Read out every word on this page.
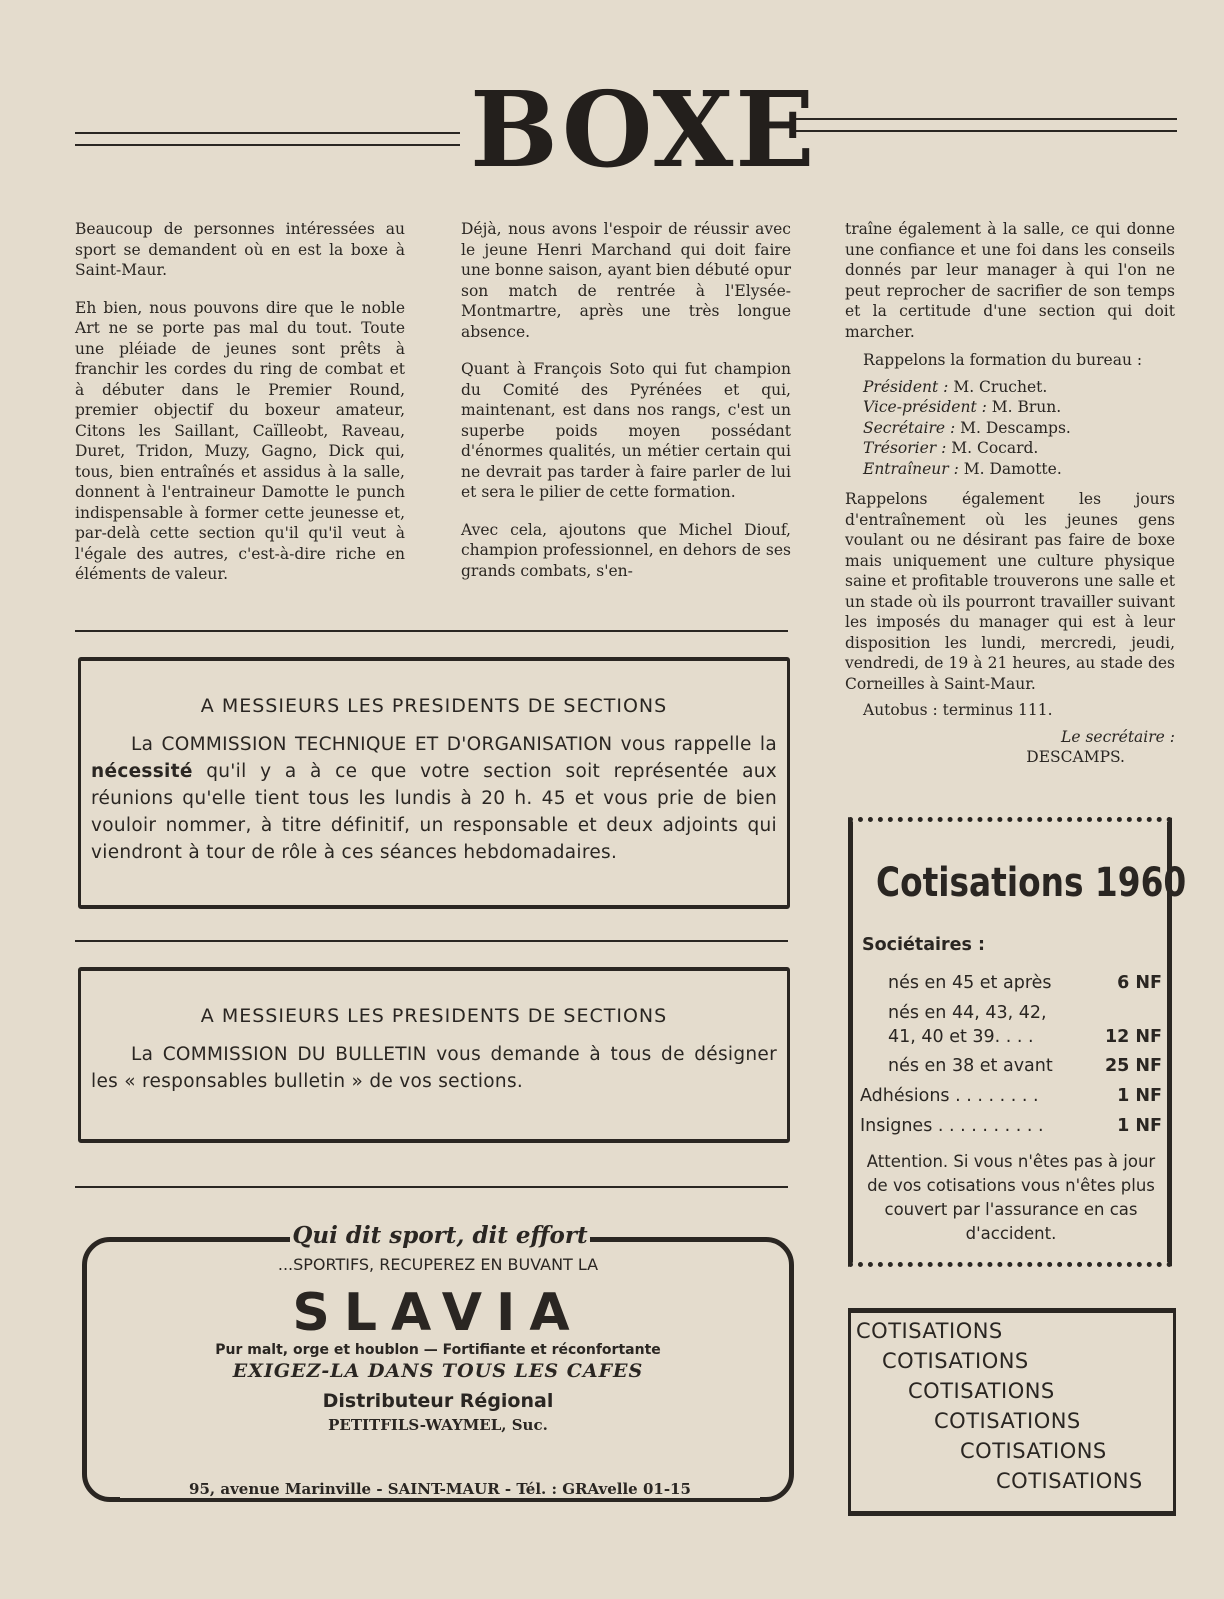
BOXE

Beaucoup de personnes intéressées au sport se demandent où en est la boxe à Saint-Maur.

Eh bien, nous pouvons dire que le noble Art ne se porte pas mal du tout. Toute une pléiade de jeunes sont prêts à franchir les cordes du ring de combat et à débuter dans le Premier Round, premier objectif du boxeur amateur, Citons les Saillant, Caïlleobt, Raveau, Duret, Tridon, Muzy, Gagno, Dick qui, tous, bien entraînés et assidus à la salle, donnent à l'entraineur Damotte le punch indispensable à former cette jeunesse et, par-delà cette section qu'il qu'il veut à l'égale des autres, c'est-à-dire riche en éléments de valeur.

Déjà, nous avons l'espoir de réussir avec le jeune Henri Marchand qui doit faire une bonne saison, ayant bien débuté opur son match de rentrée à l'Elysée-Montmartre, après une très longue absence.

Quant à François Soto qui fut champion du Comité des Pyrénées et qui, maintenant, est dans nos rangs, c'est un superbe poids moyen possédant d'énormes qualités, un métier certain qui ne devrait pas tarder à faire parler de lui et sera le pilier de cette formation.

Avec cela, ajoutons que Michel Diouf, champion professionnel, en dehors de ses grands combats, s'en-

traîne également à la salle, ce qui donne une confiance et une foi dans les conseils donnés par leur manager à qui l'on ne peut reprocher de sacrifier de son temps et la certitude d'une section qui doit marcher.

Rappelons la formation du bureau :

Président : M. Cruchet.
Vice-président : M. Brun.
Secrétaire : M. Descamps.
Trésorier : M. Cocard.
Entraîneur : M. Damotte.

Rappelons également les jours d'entraînement où les jeunes gens voulant ou ne désirant pas faire de boxe mais uniquement une culture physique saine et profitable trouverons une salle et un stade où ils pourront travailler suivant les imposés du manager qui est à leur disposition les lundi, mercredi, jeudi, vendredi, de 19 à 21 heures, au stade des Corneilles à Saint-Maur.

Autobus : terminus 111.

Le secrétaire :
DESCAMPS.
A MESSIEURS LES PRESIDENTS DE SECTIONS
La COMMISSION TECHNIQUE ET D'ORGANISATION vous rappelle la nécessité qu'il y a à ce que votre section soit représentée aux réunions qu'elle tient tous les lundis à 20 h. 45 et vous prie de bien vouloir nommer, à titre définitif, un responsable et deux adjoints qui viendront à tour de rôle à ces séances hebdomadaires.
A MESSIEURS LES PRESIDENTS DE SECTIONS
La COMMISSION DU BULLETIN vous demande à tous de désigner les « responsables bulletin » de vos sections.
Qui dit sport, dit effort
...SPORTIFS, RECUPEREZ EN BUVANT LA
SLAVIA
Pur malt, orge et houblon — Fortifiante et réconfortante
EXIGEZ-LA DANS TOUS LES CAFES
Distributeur Régional
PETITFILS-WAYMEL, Suc.
95, avenue Marinville - SAINT-MAUR - Tél. : GRAvelle 01-15
Cotisations 1960
Sociétaires :
nés en 45 et après	6 NF
nés en 44, 43, 42,
41, 40 et 39. . . .	12 NF
nés en 38 et avant	25 NF
Adhésions . . . . . . . .	1 NF
Insignes . . . . . . . . . .	1 NF
Attention. Si vous n'êtes pas à jour de vos cotisations vous n'êtes plus couvert par l'assurance en cas d'accident.
COTISATIONS
COTISATIONS
COTISATIONS
COTISATIONS
COTISATIONS
COTISATIONS
